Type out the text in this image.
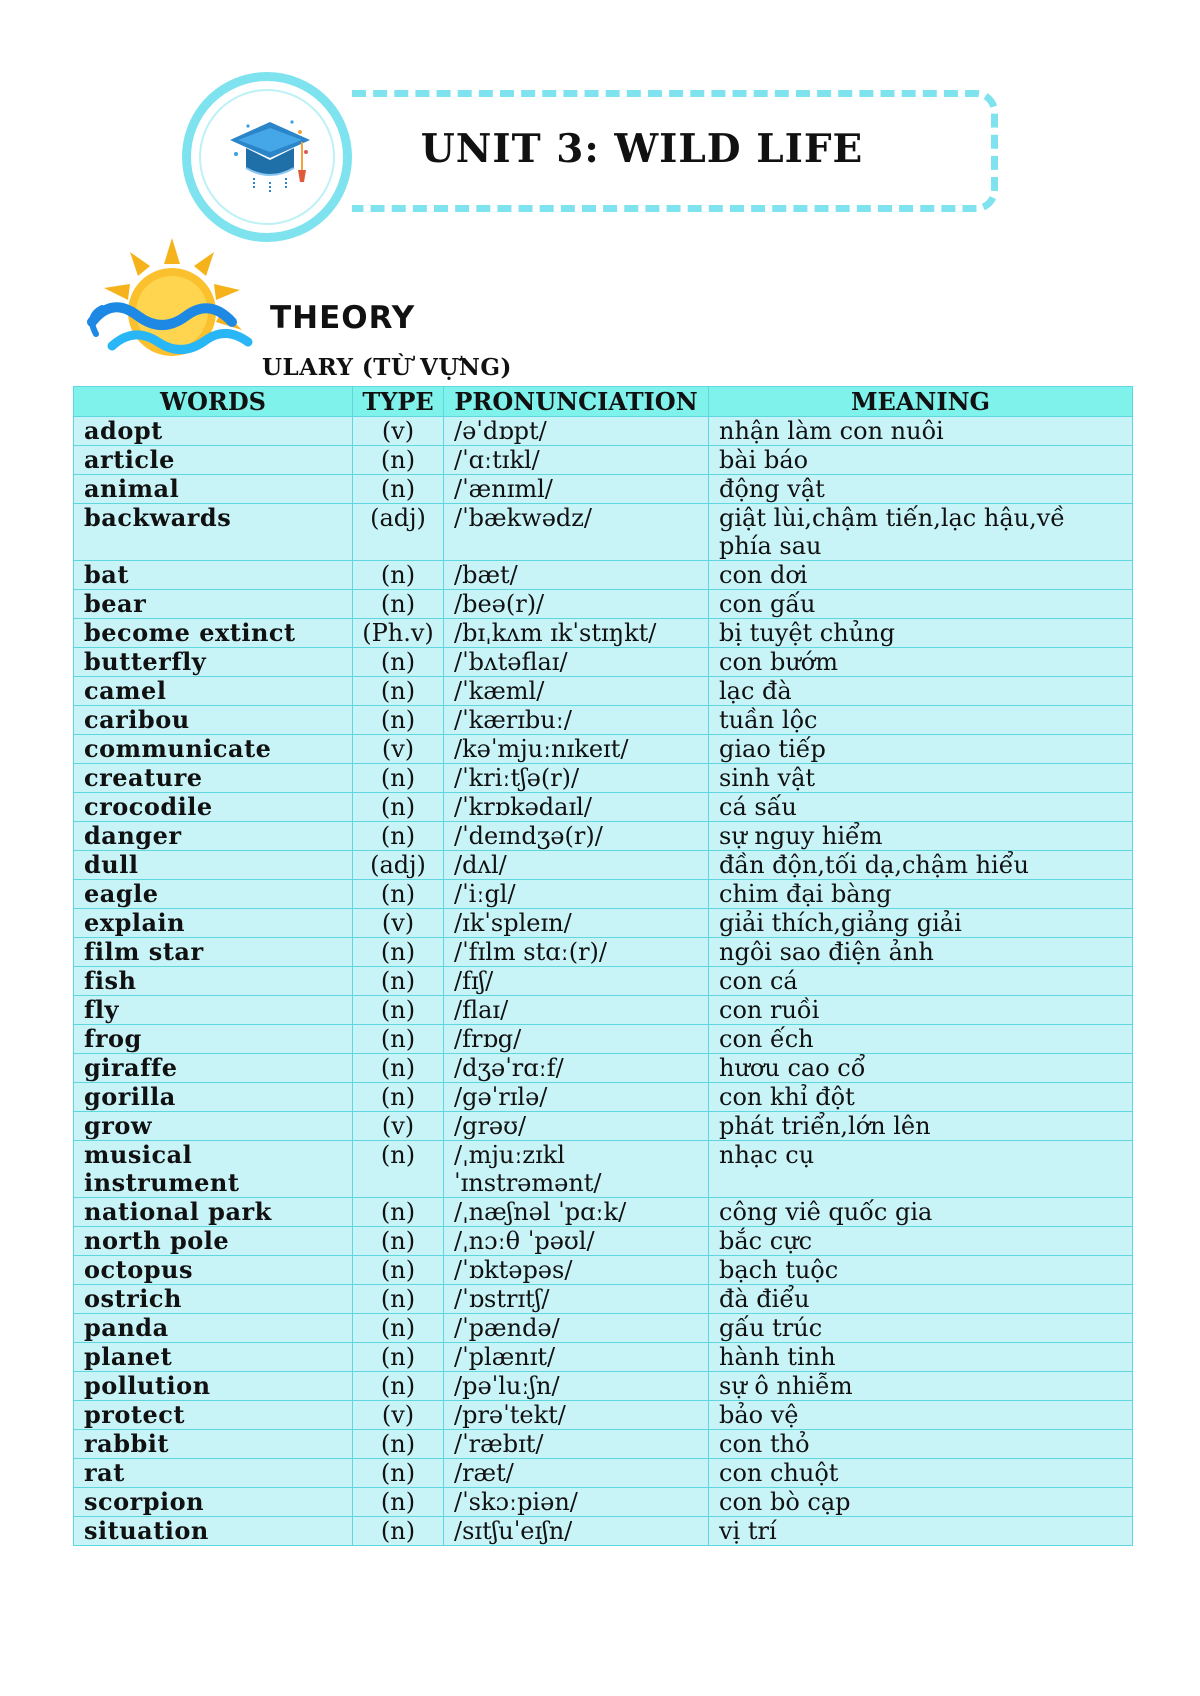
UNIT 3: WILD LIFE
THEORY
ULARY (TỪ VỰNG)
WORDS	TYPE	PRONUNCIATION	MEANING
adopt	(v)	/əˈdɒpt/	nhận làm con nuôi
article	(n)	/ˈɑːtɪkl/	bài báo
animal	(n)	/ˈænɪml/	động vật
backwards	(adj)	/ˈbækwədz/	giật lùi,chậm tiến,lạc hậu,về phía sau
bat	(n)	/bæt/	con dơi
bear	(n)	/beə(r)/	con gấu
become extinct	(Ph.v)	/bɪˌkʌm ɪkˈstɪŋkt/	bị tuyệt chủng
butterfly	(n)	/ˈbʌtəflaɪ/	con bướm
camel	(n)	/ˈkæml/	lạc đà
caribou	(n)	/ˈkærɪbuː/	tuần lộc
communicate	(v)	/kəˈmjuːnɪkeɪt/	giao tiếp
creature	(n)	/ˈkriːtʃə(r)/	sinh vật
crocodile	(n)	/ˈkrɒkədaɪl/	cá sấu
danger	(n)	/ˈdeɪndʒə(r)/	sự nguy hiểm
dull	(adj)	/dʌl/	đần độn,tối dạ,chậm hiểu
eagle	(n)	/ˈiːgl/	chim đại bàng
explain	(v)	/ɪkˈspleɪn/	giải thích,giảng giải
film star	(n)	/ˈfɪlm stɑː(r)/	ngôi sao điện ảnh
fish	(n)	/fɪʃ/	con cá
fly	(n)	/flaɪ/	con ruồi
frog	(n)	/frɒg/	con ếch
giraffe	(n)	/dʒəˈrɑːf/	hươu cao cổ
gorilla	(n)	/gəˈrɪlə/	con khỉ đột
grow	(v)	/grəʊ/	phát triển,lớn lên
musical instrument	(n)	/ˌmjuːzɪkl ˈɪnstrəmənt/	nhạc cụ
national park	(n)	/ˌnæʃnəl ˈpɑːk/	công viê quốc gia
north pole	(n)	/ˌnɔːθ ˈpəʊl/	bắc cực
octopus	(n)	/ˈɒktəpəs/	bạch tuộc
ostrich	(n)	/ˈɒstrɪtʃ/	đà điểu
panda	(n)	/ˈpændə/	gấu trúc
planet	(n)	/ˈplænɪt/	hành tinh
pollution	(n)	/pəˈluːʃn/	sự ô nhiễm
protect	(v)	/prəˈtekt/	bảo vệ
rabbit	(n)	/ˈræbɪt/	con thỏ
rat	(n)	/ræt/	con chuột
scorpion	(n)	/ˈskɔːpiən/	con bò cạp
situation	(n)	/sɪtʃuˈeɪʃn/	vị trí
